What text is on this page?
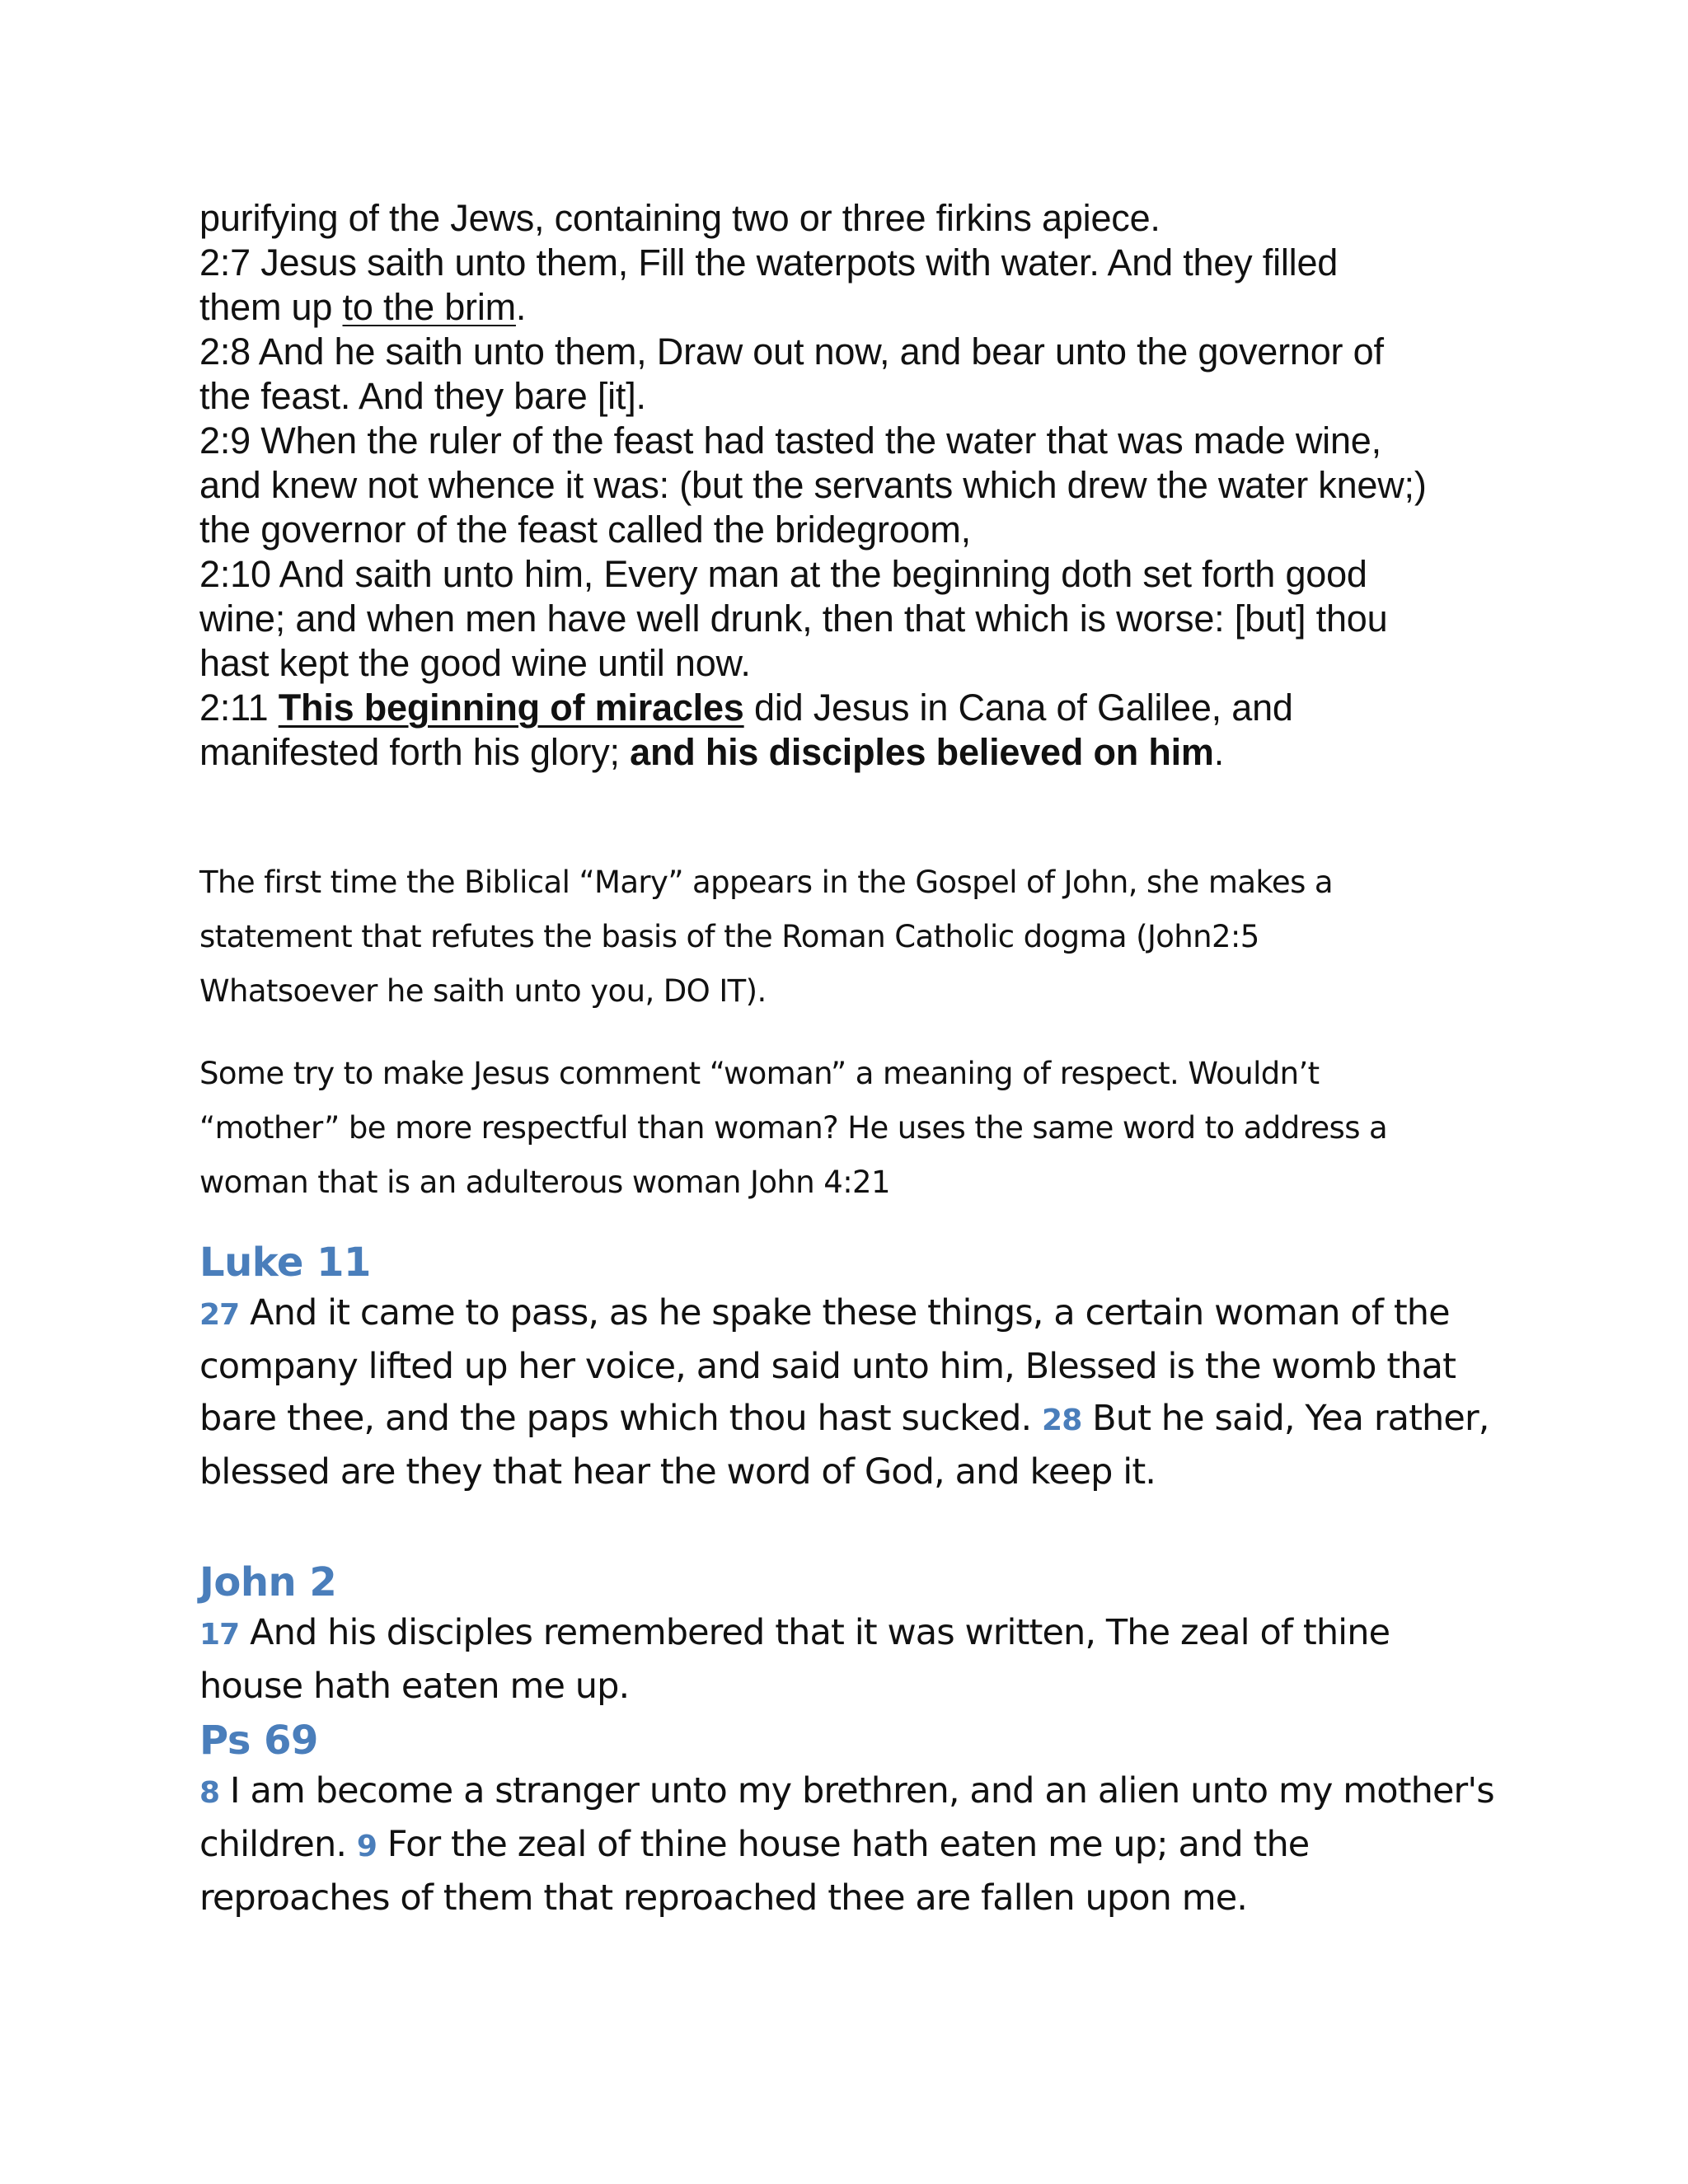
purifying of the Jews, containing two or three firkins apiece.
2:7 Jesus saith unto them, Fill the waterpots with water. And they filled
them up to the brim.
2:8 And he saith unto them, Draw out now, and bear unto the governor of
the feast. And they bare [it].
2:9 When the ruler of the feast had tasted the water that was made wine,
and knew not whence it was: (but the servants which drew the water knew;)
the governor of the feast called the bridegroom,
2:10 And saith unto him, Every man at the beginning doth set forth good
wine; and when men have well drunk, then that which is worse: [but] thou
hast kept the good wine until now.
2:11 This beginning of miracles did Jesus in Cana of Galilee, and
manifested forth his glory; and his disciples believed on him.
The first time the Biblical “Mary” appears in the Gospel of John, she makes a
statement that refutes the basis of the Roman Catholic dogma (John2:5
Whatsoever he saith unto you, DO IT).
Some try to make Jesus comment “woman” a meaning of respect. Wouldn’t
“mother” be more respectful than woman? He uses the same word to address a
woman that is an adulterous woman John 4:21
Luke 11
27 And it came to pass, as he spake these things, a certain woman of the
company lifted up her voice, and said unto him, Blessed is the womb that
bare thee, and the paps which thou hast sucked. 28 But he said, Yea rather,
blessed are they that hear the word of God, and keep it.
John 2
17 And his disciples remembered that it was written, The zeal of thine
house hath eaten me up.
Ps 69
8 I am become a stranger unto my brethren, and an alien unto my mother's
children. 9 For the zeal of thine house hath eaten me up; and the
reproaches of them that reproached thee are fallen upon me.
